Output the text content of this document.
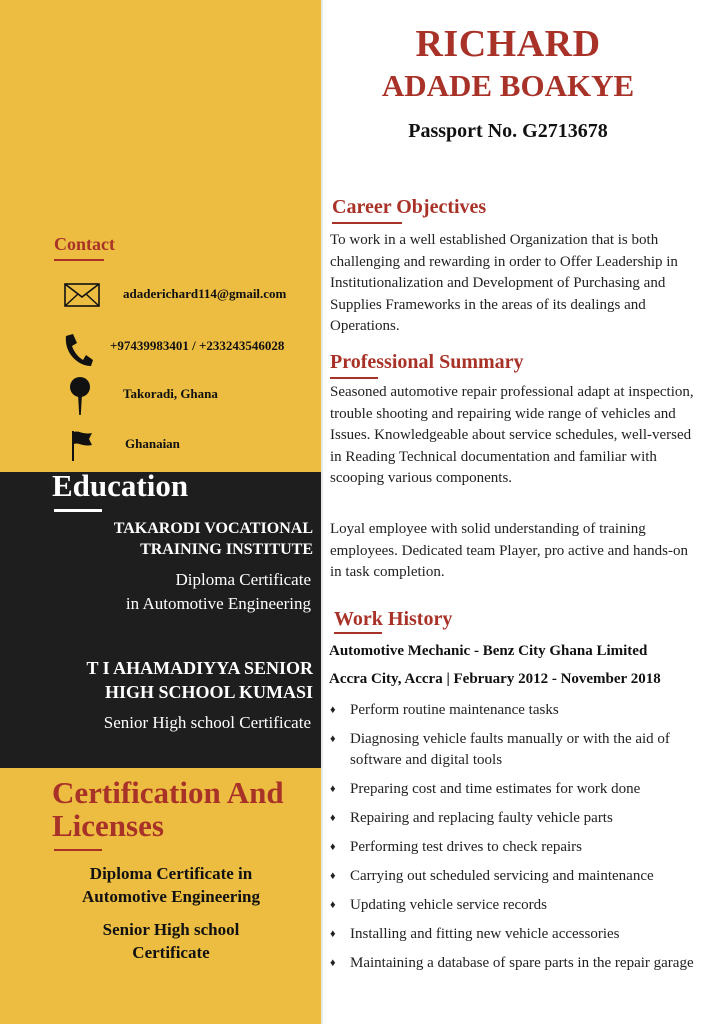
RICHARD
ADADE BOAKYE
Passport No. G2713678
Contact
adaderichard114@gmail.com
+97439983401 / +233243546028
Takoradi, Ghana
Ghanaian
Education
TAKARODI VOCATIONAL
TRAINING INSTITUTE
Diploma Certificate
in Automotive Engineering
T I AHAMADIYYA SENIOR
HIGH SCHOOL KUMASI
Senior High school Certificate
Certification And
Licenses
Diploma Certificate in
Automotive Engineering
Senior High school
Certificate
Career Objectives
To work in a well established Organization that is both challenging and rewarding in order to Offer Leadership in Institutionalization and Development of Purchasing and Supplies Frameworks in the areas of its dealings and Operations.
Professional Summary
Seasoned automotive repair professional adapt at inspection, trouble shooting and repairing wide range of vehicles and Issues. Knowledgeable about service schedules, well-versed in Reading Technical documentation and familiar with scooping various components.
Loyal employee with solid understanding of training employees. Dedicated team Player, pro active and hands-on in task completion.
Work History
Automotive Mechanic - Benz City Ghana Limited
Accra City, Accra | February 2012 - November 2018
♦ Perform routine maintenance tasks
♦ Diagnosing vehicle faults manually or with the aid of software and digital tools
♦ Preparing cost and time estimates for work done
♦ Repairing and replacing faulty vehicle parts
♦ Performing test drives to check repairs
♦ Carrying out scheduled servicing and maintenance
♦ Updating vehicle service records
♦ Installing and fitting new vehicle accessories
♦ Maintaining a database of spare parts in the repair garage
